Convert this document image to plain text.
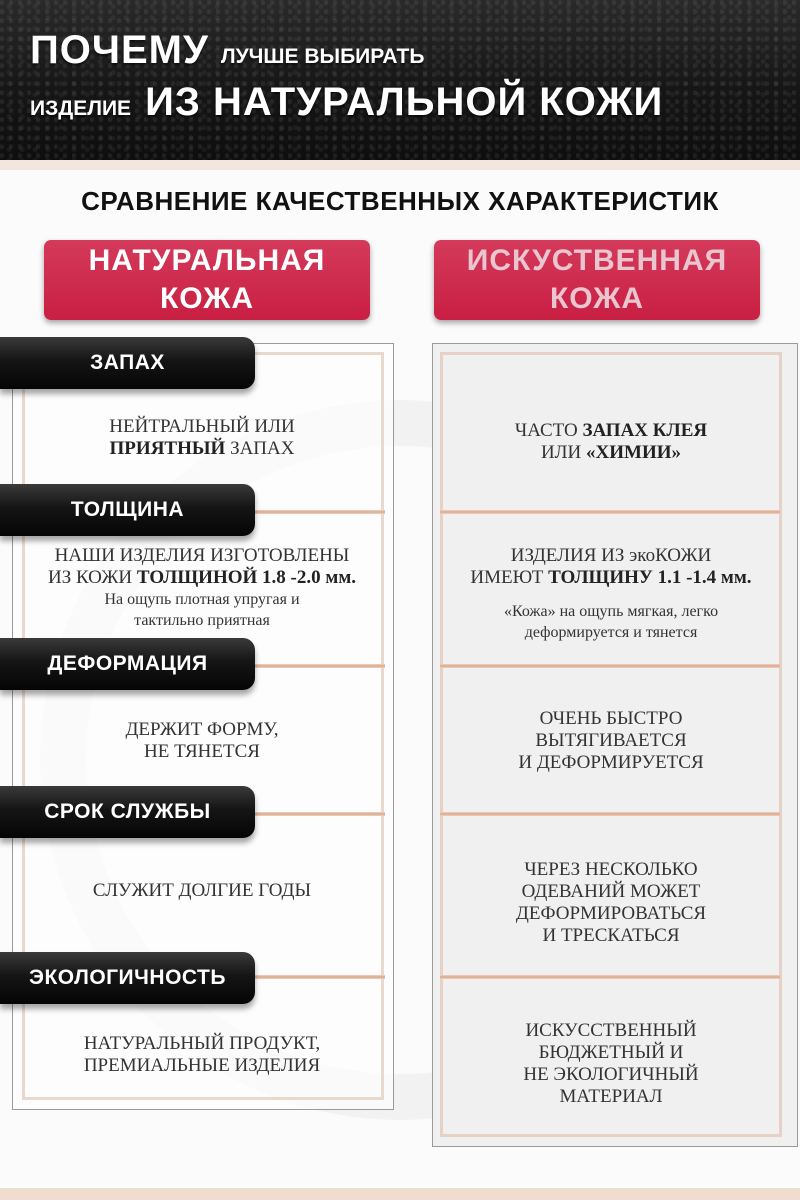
ПОЧЕМУ ЛУЧШЕ ВЫБИРАТЬ
ИЗДЕЛИЕ ИЗ НАТУРАЛЬНОЙ КОЖИ
СРАВНЕНИЕ КАЧЕСТВЕННЫХ ХАРАКТЕРИСТИК
НАТУРАЛЬНАЯ
КОЖА
ИСКУСТВЕННАЯ
КОЖА
ЗАПАХ
НЕЙТРАЛЬНЫЙ ИЛИ
ПРИЯТНЫЙ ЗАПАХ
ЧАСТО ЗАПАХ КЛЕЯ
ИЛИ «ХИМИИ»
ТОЛЩИНА
НАШИ ИЗДЕЛИЯ ИЗГОТОВЛЕНЫ
ИЗ КОЖИ ТОЛЩИНОЙ 1.8 -2.0 мм.
На ощупь плотная упругая и
тактильно приятная
ИЗДЕЛИЯ ИЗ экоКОЖИ
ИМЕЮТ ТОЛЩИНУ 1.1 -1.4 мм.
«Кожа» на ощупь мягкая, легко
деформируется и тянется
ДЕФОРМАЦИЯ
ДЕРЖИТ ФОРМУ,
НЕ ТЯНЕТСЯ
ОЧЕНЬ БЫСТРО
ВЫТЯГИВАЕТСЯ
И ДЕФОРМИРУЕТСЯ
СРОК СЛУЖБЫ
СЛУЖИТ ДОЛГИЕ ГОДЫ
ЧЕРЕЗ НЕСКОЛЬКО
ОДЕВАНИЙ МОЖЕТ
ДЕФОРМИРОВАТЬСЯ
И ТРЕСКАТЬСЯ
ЭКОЛОГИЧНОСТЬ
НАТУРАЛЬНЫЙ ПРОДУКТ,
ПРЕМИАЛЬНЫЕ ИЗДЕЛИЯ
ИСКУССТВЕННЫЙ
БЮДЖЕТНЫЙ И
НЕ ЭКОЛОГИЧНЫЙ
МАТЕРИАЛ
